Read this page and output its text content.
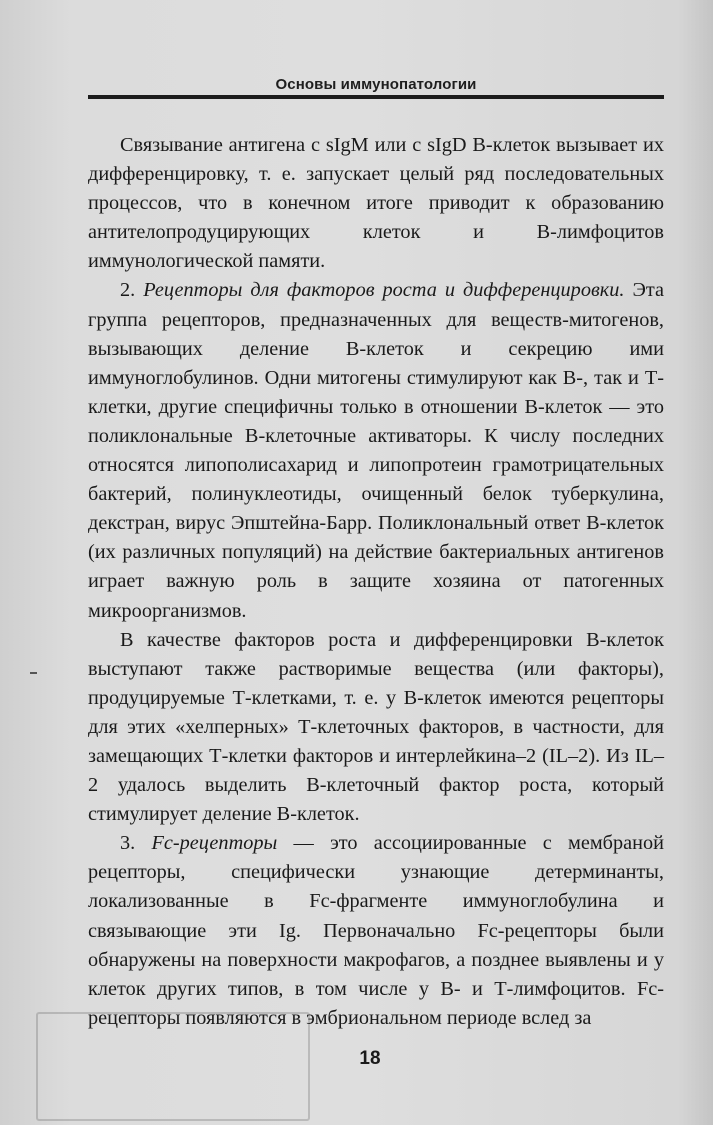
Основы иммунопатологии

Связывание антигена с sIgM или с sIgD В-клеток вызывает их дифференцировку, т. е. запускает целый ряд последовательных процессов, что в конечном итоге приводит к образованию антителопродуцирующих клеток и В-лимфоцитов иммунологической памяти.

2. Рецепторы для факторов роста и дифференцировки. Эта группа рецепторов, предназначенных для веществ-митогенов, вызывающих деление В-клеток и секрецию ими иммуноглобулинов. Одни митогены стимулируют как В-, так и Т-клетки, другие специфичны только в отношении В-клеток — это поликлональные В-клеточные активаторы. К числу последних относятся липополисахарид и липопротеин грамотрицательных бактерий, полинуклеотиды, очищенный белок туберкулина, декстран, вирус Эпштейна-Барр. Поликлональный ответ В-клеток (их различных популяций) на действие бактериальных антигенов играет важную роль в защите хозяина от патогенных микроорганизмов.

В качестве факторов роста и дифференцировки В-клеток выступают также растворимые вещества (или факторы), продуцируемые Т-клетками, т. е. у В-клеток имеются рецепторы для этих «хелперных» Т-клеточных факторов, в частности, для замещающих Т-клетки факторов и интерлейкина–2 (IL–2). Из IL–2 удалось выделить В-клеточный фактор роста, который стимулирует деление В-клеток.

3. Fc-рецепторы — это ассоциированные с мембраной рецепторы, специфически узнающие детерминанты, локализованные в Fc-фрагменте иммуноглобулина и связывающие эти Ig. Первоначально Fc-рецепторы были обнаружены на поверхности макрофагов, а позднее выявлены и у клеток других типов, в том числе у В- и Т-лимфоцитов. Fc-рецепторы появляются в эмбриональном периоде вслед за

18
